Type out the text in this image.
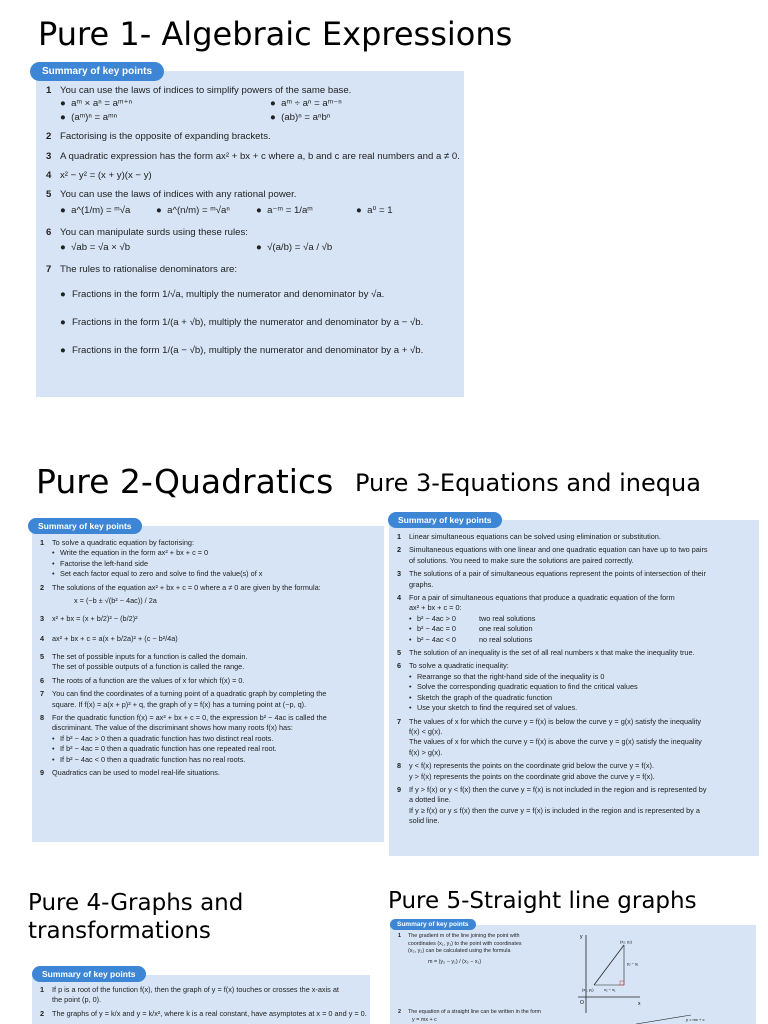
Pure 1- Algebraic Expressions
1 You can use the laws of indices to simplify powers of the same base.
●  aᵐ × aⁿ = aᵐ⁺ⁿ	●  aᵐ ÷ aⁿ = aᵐ⁻ⁿ
●  (aᵐ)ⁿ = aᵐⁿ	●  (ab)ⁿ = aⁿbⁿ
2 Factorising is the opposite of expanding brackets.
3 A quadratic expression has the form ax² + bx + c where a, b and c are real numbers and a ≠ 0.
4 x² − y² = (x + y)(x − y)
5 You can use the laws of indices with any rational power.
●  a^(1/m) = ᵐ√a	●  a^(n/m) = ᵐ√aⁿ	●  a⁻ᵐ = 1/aᵐ	●  a⁰ = 1
6 You can manipulate surds using these rules:
●  √ab = √a × √b	●  √(a/b) = √a / √b
7 The rules to rationalise denominators are:
● Fractions in the form 1/√a, multiply the numerator and denominator by √a.
● Fractions in the form 1/(a + √b), multiply the numerator and denominator by a − √b.
● Fractions in the form 1/(a − √b), multiply the numerator and denominator by a + √b.
Summary of key points
Pure 2-Quadratics
1	To solve a quadratic equation by factorising:
• Write the equation in the form ax² + bx + c = 0
• Factorise the left-hand side
• Set each factor equal to zero and solve to find the value(s) of x
2	The solutions of the equation ax² + bx + c = 0 where a ≠ 0 are given by the formula:
x = (−b ± √(b² − 4ac)) / 2a
3	x² + bx = (x + b/2)² − (b/2)²
4	ax² + bx + c = a(x + b/2a)² + (c − b²/4a)
5	The set of possible inputs for a function is called the domain.
The set of possible outputs of a function is called the range.
6	The roots of a function are the values of x for which f(x) = 0.
7	You can find the coordinates of a turning point of a quadratic graph by completing the
square. If f(x) = a(x + p)² + q, the graph of y = f(x) has a turning point at (−p, q).
8	For the quadratic function f(x) = ax² + bx + c = 0, the expression b² − 4ac is called the
discriminant. The value of the discriminant shows how many roots f(x) has:
• If b² − 4ac > 0 then a quadratic function has two distinct real roots.
• If b² − 4ac = 0 then a quadratic function has one repeated real root.
• If b² − 4ac < 0 then a quadratic function has no real roots.
9	Quadratics can be used to model real-life situations.
Summary of key points
Pure 3-Equations and inequa
1	Linear simultaneous equations can be solved using elimination or substitution.
2	Simultaneous equations with one linear and one quadratic equation can have up to two pairs
of solutions. You need to make sure the solutions are paired correctly.
3	The solutions of a pair of simultaneous equations represent the points of intersection of their
graphs.
4	For a pair of simultaneous equations that produce a quadratic equation of the form
ax² + bx + c = 0:
• b² − 4ac > 0	two real solutions
• b² − 4ac = 0	one real solution
• b² − 4ac < 0	no real solutions
5	The solution of an inequality is the set of all real numbers x that make the inequality true.
6	To solve a quadratic inequality:
• Rearrange so that the right-hand side of the inequality is 0
• Solve the corresponding quadratic equation to find the critical values
• Sketch the graph of the quadratic function
• Use your sketch to find the required set of values.
7	The values of x for which the curve y = f(x) is below the curve y = g(x) satisfy the inequality
f(x) < g(x).
The values of x for which the curve y = f(x) is above the curve y = g(x) satisfy the inequality
f(x) > g(x).
8	y < f(x) represents the points on the coordinate grid below the curve y = f(x).
y > f(x) represents the points on the coordinate grid above the curve y = f(x).
9	If y > f(x) or y < f(x) then the curve y = f(x) is not included in the region and is represented by
a dotted line.
If y ≥ f(x) or y ≤ f(x) then the curve y = f(x) is included in the region and is represented by a
solid line.
Summary of key points
Pure 4-Graphs and
transformations
1	If p is a root of the function f(x), then the graph of y = f(x) touches or crosses the x-axis at
the point (p, 0).
2	The graphs of y = k/x and y = k/x², where k is a real constant, have asymptotes at x = 0 and y = 0.
Summary of key points
Pure 5-Straight line graphs
1	The gradient m of the line joining the point with
coordinates (x₁, y₁) to the point with coordinates
(x₂, y₂) can be calculated using the formula
m = (y₂ − y₁) / (x₂ − x₁)
2	The equation of a straight line can be written in the form
y = mx + c
y
x
O
(x₁, y₁)
(x₂, y₂)
x₂ − x₁
y₂ − y₁
y = mx + c
Summary of key points
